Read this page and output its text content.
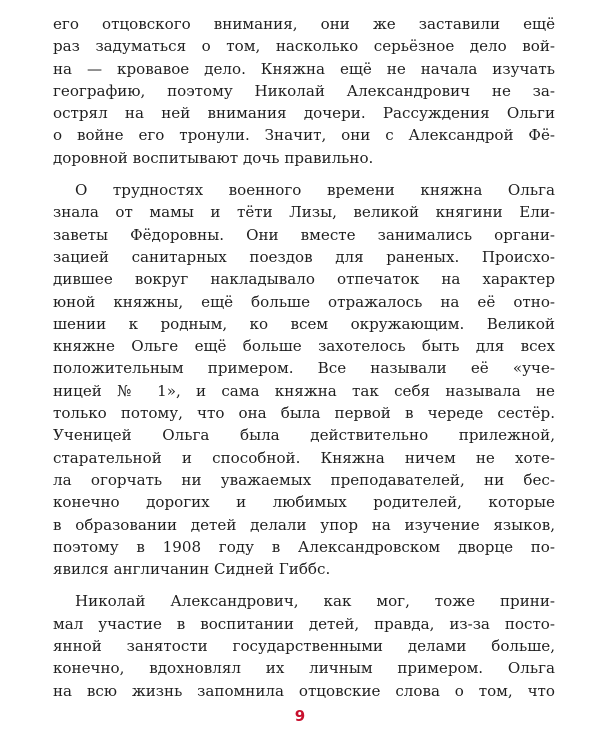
его отцовского внимания, они же заставили ещё
раз задуматься о том, насколько серьёзное дело вой-
на — кровавое дело. Княжна ещё не начала изучать
географию, поэтому Николай Александрович не за-
острял на ней внимания дочери. Рассуждения Ольги
о войне его тронули. Значит, они с Александрой Фё-
доровной воспитывают дочь правильно.
О трудностях военного времени княжна Ольга
знала от мамы и тёти Лизы, великой княгини Ели-
заветы Фёдоровны. Они вместе занимались органи-
зацией санитарных поездов для раненых. Происхо-
дившее вокруг накладывало отпечаток на характер
юной княжны, ещё больше отражалось на её отно-
шении к родным, ко всем окружающим. Великой
княжне Ольге ещё больше захотелось быть для всех
положительным примером. Все называли её «уче-
ницей № 1», и сама княжна так себя называла не
только потому, что она была первой в череде сестёр.
Ученицей Ольга была действительно прилежной,
старательной и способной. Княжна ничем не хоте-
ла огорчать ни уважаемых преподавателей, ни бес-
конечно дорогих и любимых родителей, которые
в образовании детей делали упор на изучение языков,
поэтому в 1908 году в Александровском дворце по-
явился англичанин Сидней Гиббс.
Николай Александрович, как мог, тоже прини-
мал участие в воспитании детей, правда, из-за посто-
янной занятости государственными делами больше,
конечно, вдохновлял их личным примером. Ольга
на всю жизнь запомнила отцовские слова о том, что
9
